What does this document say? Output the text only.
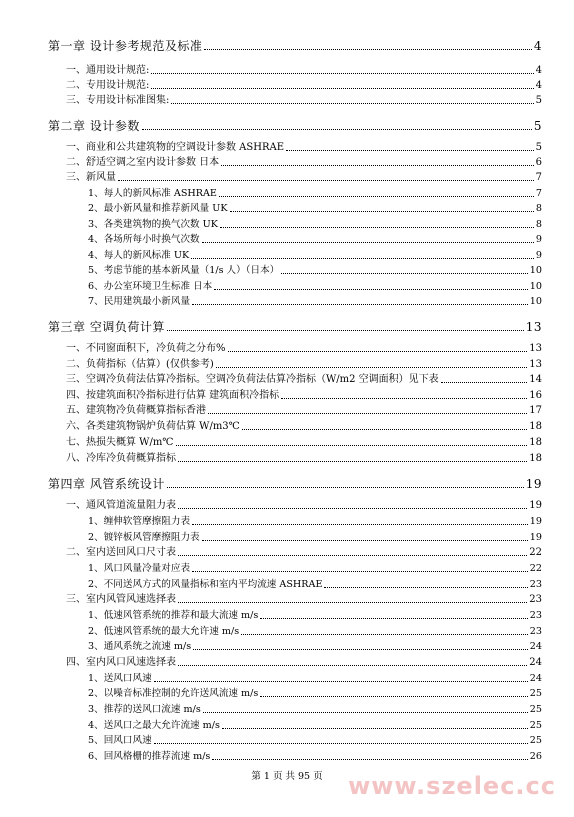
第一章 设计参考规范及标准	4
一、通用设计规范:	4
二、专用设计规范:	4
三、专用设计标准图集:	5
第二章 设计参数	5
一、商业和公共建筑物的空调设计参数 ASHRAE	5
二、舒适空调之室内设计参数 日本	6
三、新风量	7
1、每人的新风标准 ASHRAE	7
2、最小新风量和推荐新风量 UK	8
3、各类建筑物的换气次数 UK	8
4、各场所每小时换气次数	9
4、每人的新风标准 UK	9
5、考虑节能的基本新风量（1/s 人）（日本）	10
6、办公室环境卫生标准 日本	10
7、民用建筑最小新风量	10
第三章 空调负荷计算	13
一、不同窗面积下，冷负荷之分布%	13
二、负荷指标（估算）(仅供参考)	13
三、空调冷负荷法估算冷指标。空调冷负荷法估算冷指标（W/m2 空调面积）见下表	14
四、按建筑面积冷指标进行估算 建筑面积冷指标	16
五、建筑物冷负荷概算指标香港	17
六、各类建筑物锅炉负荷估算 W/m3℃	18
七、热损失概算 W/m℃	18
八、冷库冷负荷概算指标	18
第四章 风管系统设计	19
一、通风管道流量阻力表	19
1、缠伸软管摩擦阻力表	19
2、镀锌板风管摩擦阻力表	19
二、室内送回风口尺寸表	22
1、风口风量冷量对应表	22
2、不同送风方式的风量指标和室内平均流速 ASHRAE	23
三、室内风管风速选择表	23
1、低速风管系统的推荐和最大流速 m/s	23
2、低速风管系统的最大允许速 m/s	23
3、通风系统之流速 m/s	24
四、室内风口风速选择表	24
1、送风口风速	24
2、以噪音标准控制的允许送风流速 m/s	25
3、推荐的送风口流速 m/s	25
4、送风口之最大允许流速 m/s	25
5、回风口风速	25
6、回风格栅的推荐流速 m/s	26
第 1 页 共 95 页	www.szelec.cc
